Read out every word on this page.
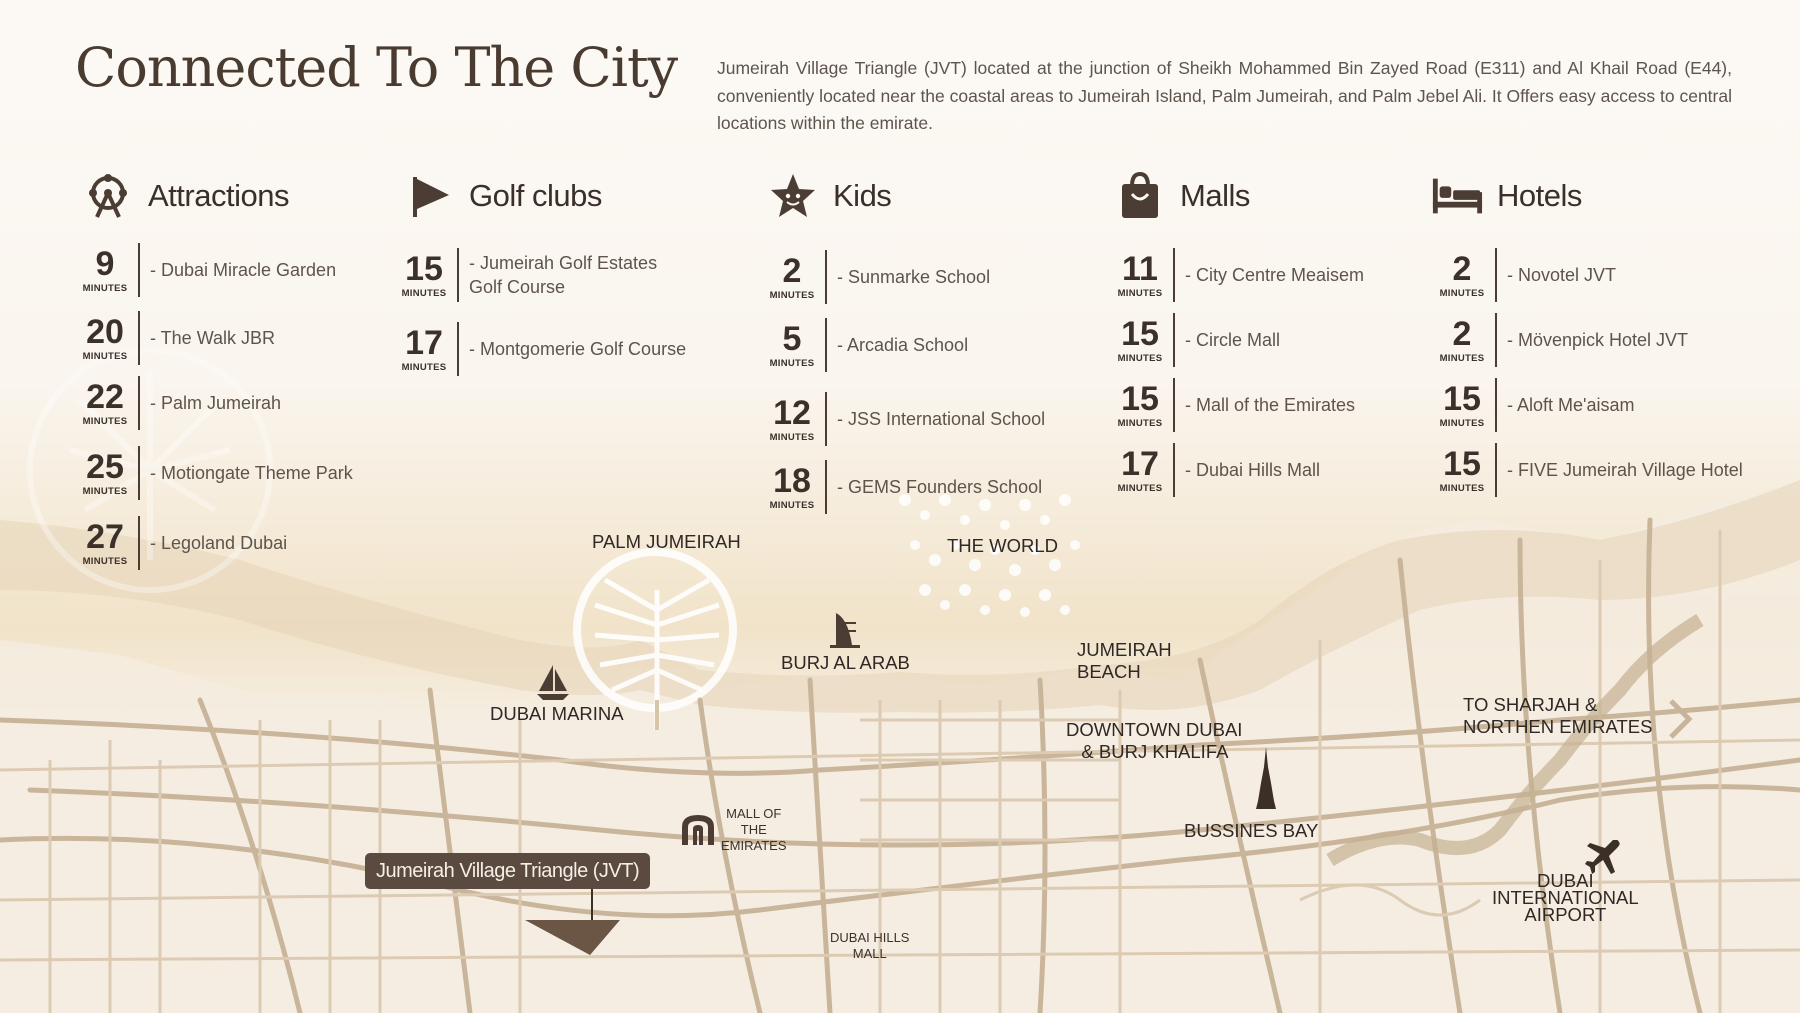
Connected To The City Jumeirah Village Triangle (JVT) located at the junction of Sheikh Mohammed Bin Zayed Road (E311) and Al Khail Road (E44), conveniently located near the coastal areas to Jumeirah Island, Palm Jumeirah, and Palm Jebel Ali. It Offers easy access to central locations within the emirate.

Attractions
9
MINUTES
- Dubai Miracle Garden
20
MINUTES
- The Walk JBR
22
MINUTES
- Palm Jumeirah
25
MINUTES
- Motiongate Theme Park
27
MINUTES
- Legoland Dubai
Golf clubs
15
MINUTES
- Jumeirah Golf Estates
Golf Course
17
MINUTES
- Montgomerie Golf Course
Kids
2
MINUTES
- Sunmarke School
5
MINUTES
- Arcadia School
12
MINUTES
- JSS International School
18
MINUTES
- GEMS Founders School
Malls
11
MINUTES
- City Centre Meaisem
15
MINUTES
- Circle Mall
15
MINUTES
- Mall of the Emirates
17
MINUTES
- Dubai Hills Mall
Hotels
2
MINUTES
- Novotel JVT
2
MINUTES
- Mövenpick Hotel JVT
15
MINUTES
- Aloft Me'aisam
15
MINUTES
- FIVE Jumeirah Village Hotel
PALM JUMEIRAH	THE WORLD
BURJ AL ARAB
JUMEIRAH
BEACH
DUBAI MARINA	TO SHARJAH &
NORTHEN EMIRATES
DOWNTOWN DUBAI
& BURJ KHALIFA
BUSSINES BAY
MALL OF
THE
EMIRATES
DUBAI
INTERNATIONAL
AIRPORT
DUBAI HILLS
MALL
Jumeirah Village Triangle (JVT)
